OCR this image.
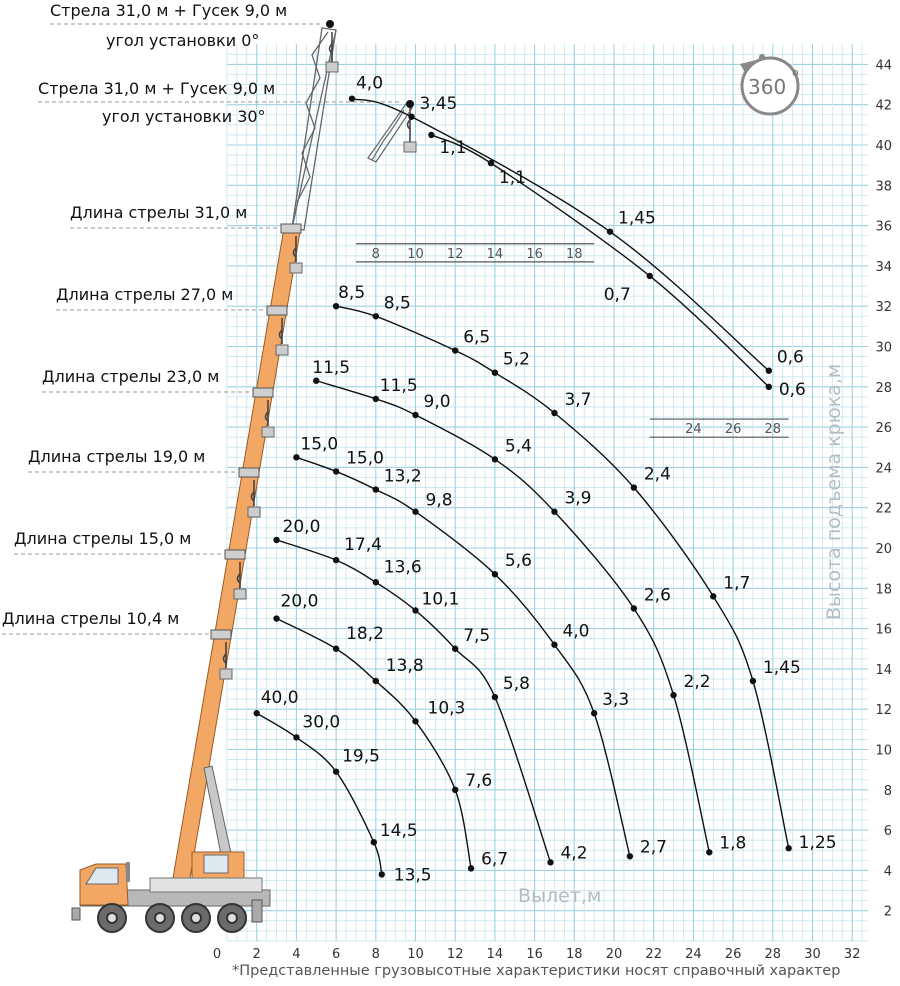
0 2 4 6 8 10 12 14 16 18 20 22 24 26 28 30 32
2
4
6
8
10
12
14
16
18
20
22
24
26
28
30
32
34
36
38
40
42
44
Стрела 31,0 м + Гусек 9,0 м
угол установки 0°
Стрела 31,0 м + Гусек 9,0 м
угол установки 30°
Длина стрелы 31,0 м
Длина стрелы 27,0 м
Длина стрелы 23,0 м
Длина стрелы 19,0 м
Длина стрелы 15,0 м
Длина стрелы 10,4 м
360
o
8 10 12 14 16 18
24 26 28
40,0
30,0
19,5
14,5
13,5
20,0
18,2
13,8
10,3
7,6
6,7
20,0
17,4
13,6
10,1
7,5
5,8
4,2
15,0
15,0
13,2
9,8
5,6
4,0
3,3
2,7
11,5
11,5
9,0
5,4
3,9
2,6
2,2
1,8
8,5
8,5
6,5
5,2
3,7
2,4
1,7
1,45
1,25
4,0
3,45
1,45
0,6
1,1
1,1
0,7
0,6
Вылет,м
Высота подъема крюка,м
*Представленные грузовысотные характеристики носят справочный характер
